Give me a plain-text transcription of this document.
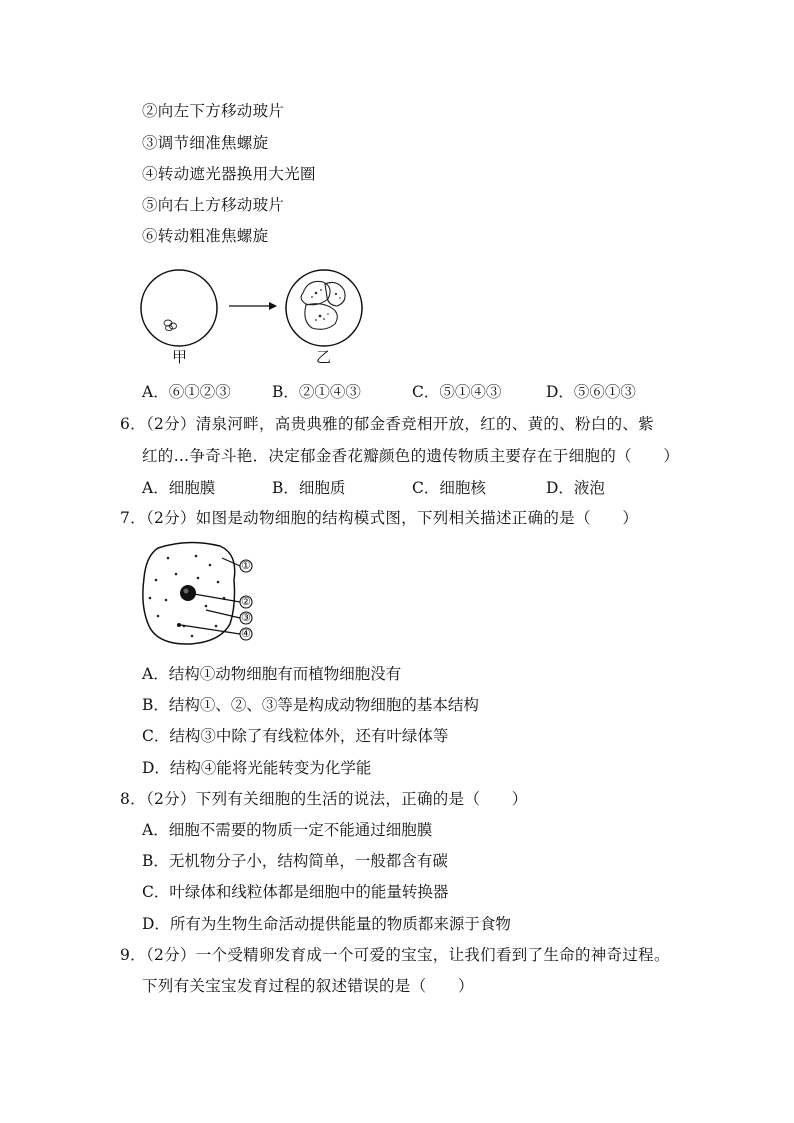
②向左下方移动玻片
③调节细准焦螺旋
④转动遮光器换用大光圈
⑤向右上方移动玻片
⑥转动粗准焦螺旋
甲	乙
A．⑥①②③	B．②①④③	C．⑤①④③	D．⑤⑥①③
6．（2分）清泉河畔，高贵典雅的郁金香竞相开放，红的、黄的、粉白的、紫
红的…争奇斗艳．决定郁金香花瓣颜色的遗传物质主要存在于细胞的（　　）
A．细胞膜	B．细胞质	C．细胞核	D．液泡
7．（2分）如图是动物细胞的结构模式图，下列相关描述正确的是（　　）
①
②
③
④
A．结构①动物细胞有而植物细胞没有
B．结构①、②、③等是构成动物细胞的基本结构
C．结构③中除了有线粒体外，还有叶绿体等
D．结构④能将光能转变为化学能
8．（2分）下列有关细胞的生活的说法，正确的是（　　）
A．细胞不需要的物质一定不能通过细胞膜
B．无机物分子小，结构简单，一般都含有碳
C．叶绿体和线粒体都是细胞中的能量转换器
D．所有为生物生命活动提供能量的物质都来源于食物
9．（2分）一个受精卵发育成一个可爱的宝宝，让我们看到了生命的神奇过程。
下列有关宝宝发育过程的叙述错误的是（　　）
